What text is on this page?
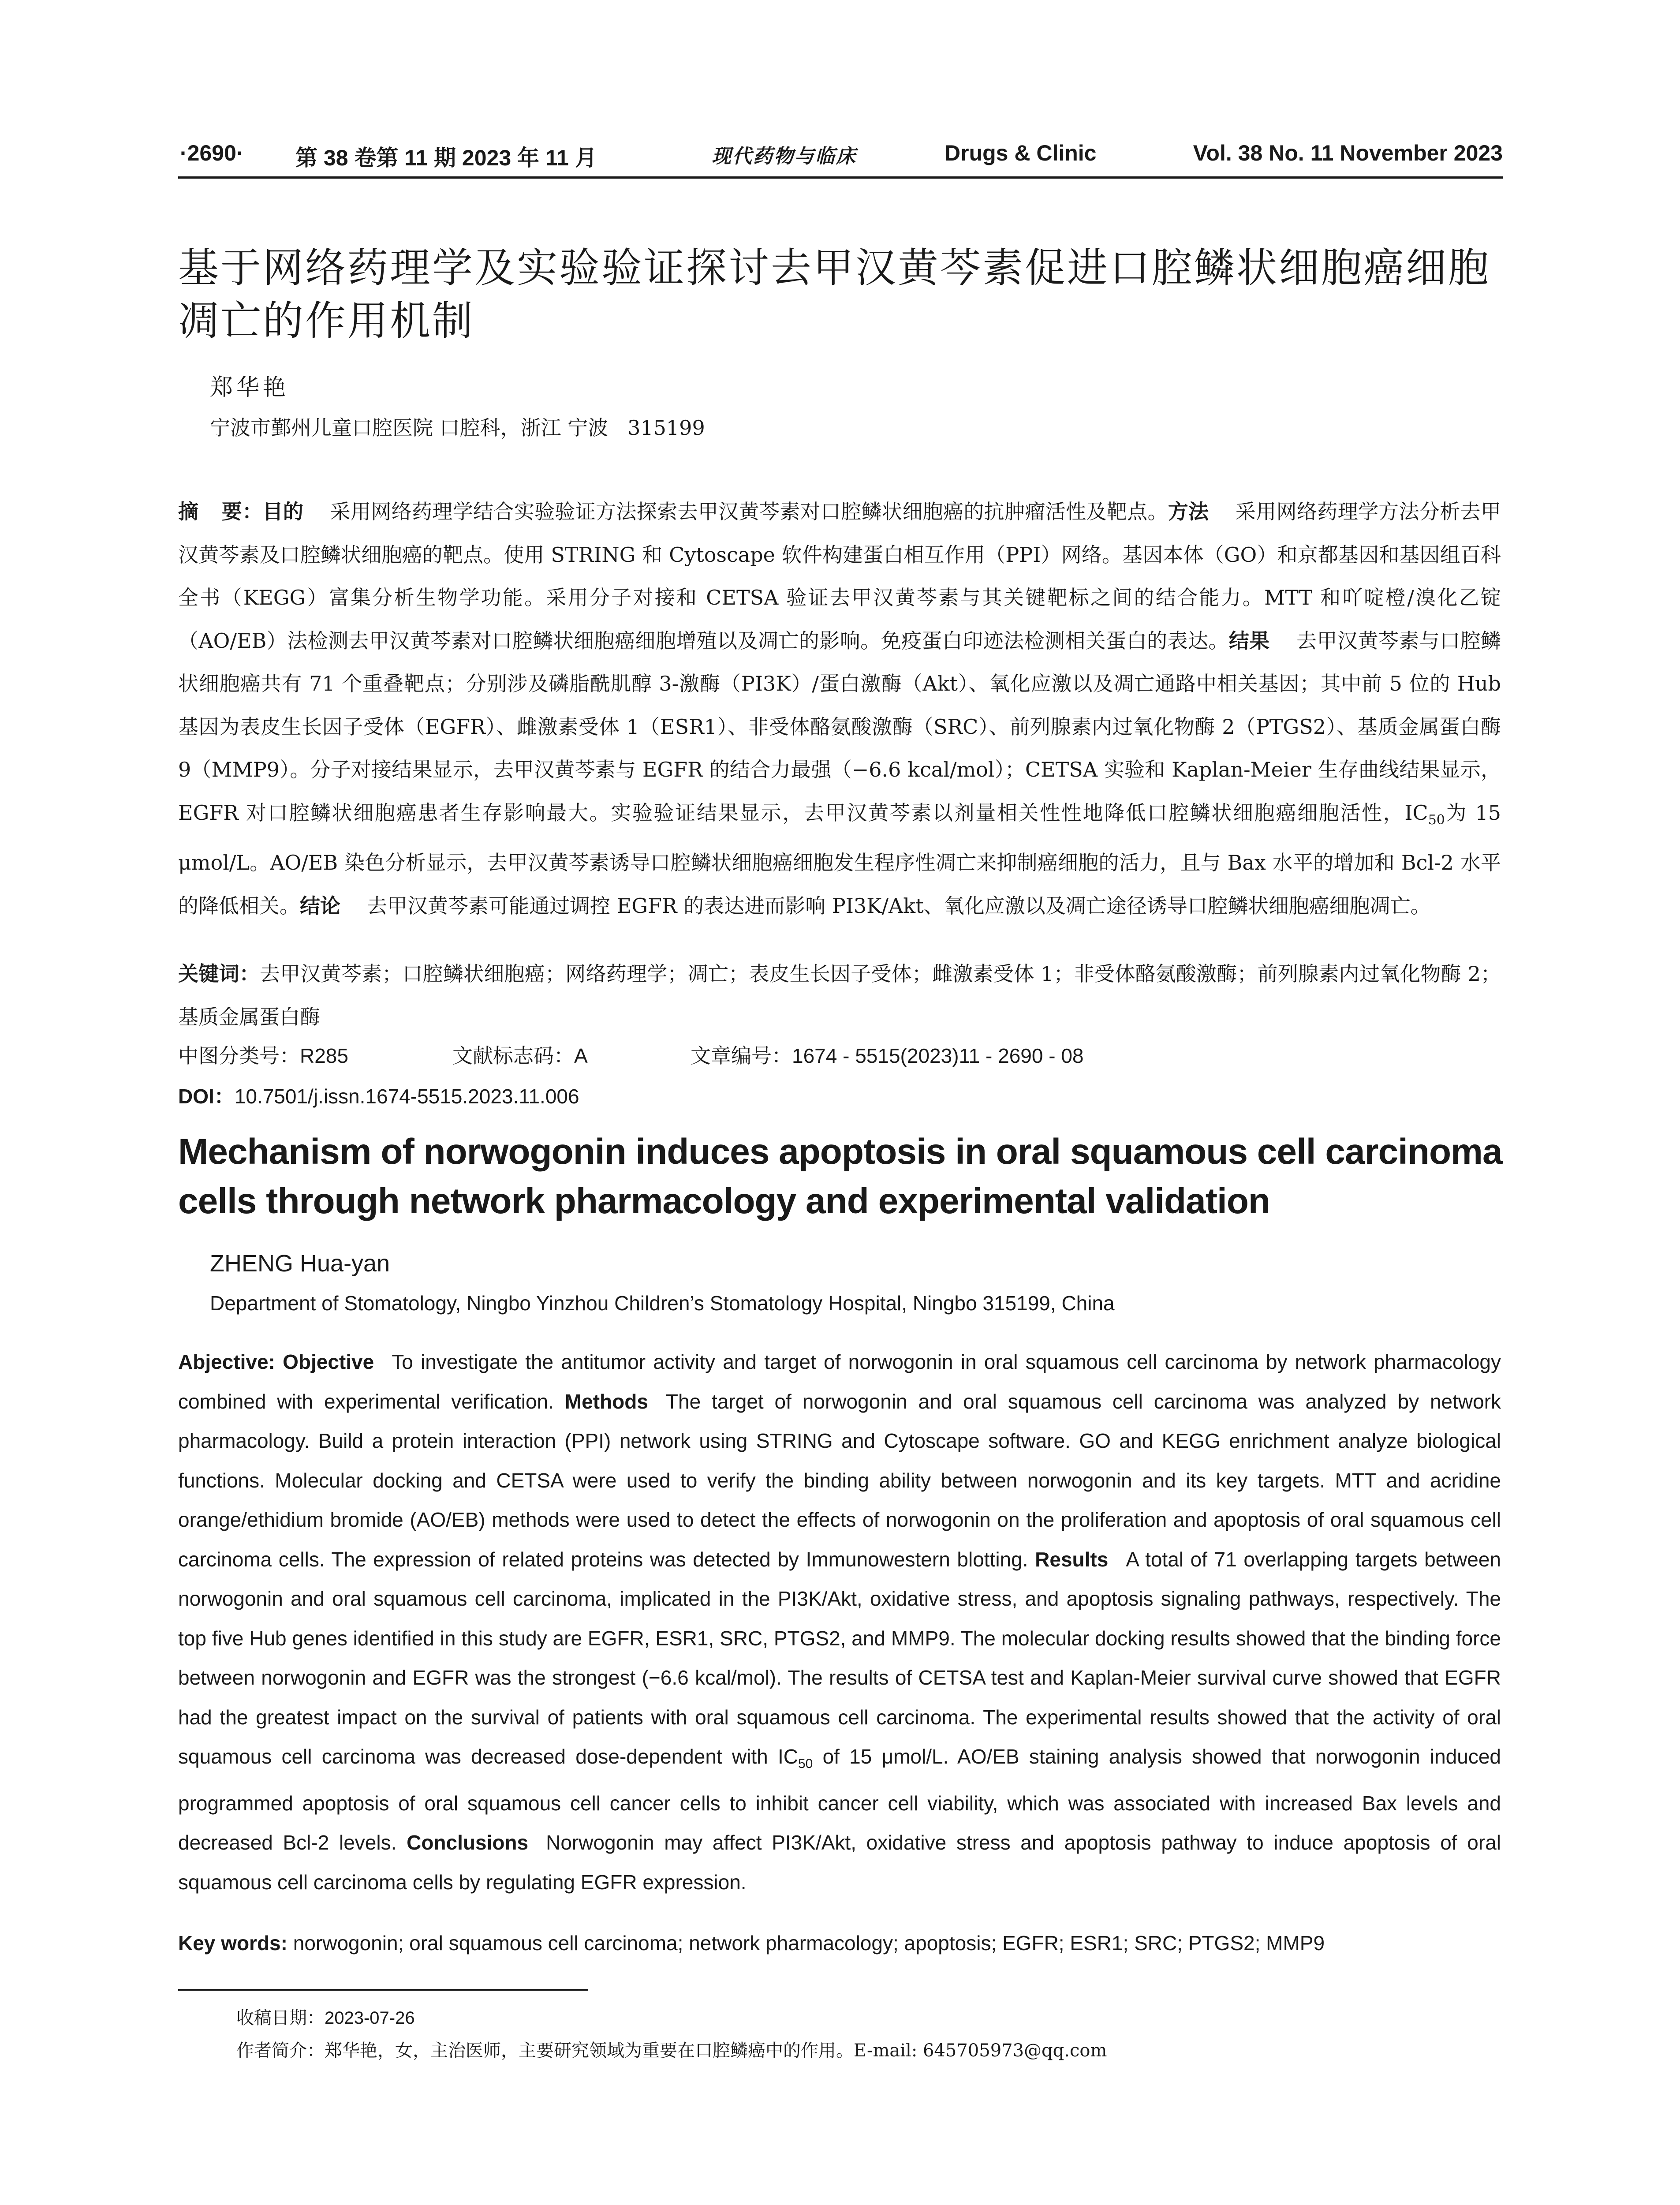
·2690· 第 38 卷第 11 期 2023 年 11 月	现代药物与临床	Drugs & Clinic	Vol. 38 No. 11 November 2023
基于网络药理学及实验验证探讨去甲汉黄芩素促进口腔鳞状细胞癌细胞凋亡的作用机制
郑华艳
宁波市鄞州儿童口腔医院 口腔科，浙江 宁波   315199
摘    要：目的 采用网络药理学结合实验验证方法探索去甲汉黄芩素对口腔鳞状细胞癌的抗肿瘤活性及靶点。方法 采用网络药理学方法分析去甲汉黄芩素及口腔鳞状细胞癌的靶点。使用 STRING 和 Cytoscape 软件构建蛋白相互作用（PPI）网络。基因本体（GO）和京都基因和基因组百科全书（KEGG）富集分析生物学功能。采用分子对接和 CETSA 验证去甲汉黄芩素与其关键靶标之间的结合能力。MTT 和吖啶橙/溴化乙锭（AO/EB）法检测去甲汉黄芩素对口腔鳞状细胞癌细胞增殖以及凋亡的影响。免疫蛋白印迹法检测相关蛋白的表达。结果 去甲汉黄芩素与口腔鳞状细胞癌共有 71 个重叠靶点；分别涉及磷脂酰肌醇 3-激酶（PI3K）/蛋白激酶（Akt）、氧化应激以及凋亡通路中相关基因；其中前 5 位的 Hub 基因为表皮生长因子受体（EGFR）、雌激素受体 1（ESR1）、非受体酪氨酸激酶（SRC）、前列腺素内过氧化物酶 2（PTGS2）、基质金属蛋白酶 9（MMP9）。分子对接结果显示，去甲汉黄芩素与 EGFR 的结合力最强（−6.6 kcal/mol）；CETSA 实验和 Kaplan-Meier 生存曲线结果显示，EGFR 对口腔鳞状细胞癌患者生存影响最大。实验验证结果显示，去甲汉黄芩素以剂量相关性性地降低口腔鳞状细胞癌细胞活性，$IC_{50}$为 15 μmol/L。AO/EB 染色分析显示，去甲汉黄芩素诱导口腔鳞状细胞癌细胞发生程序性凋亡来抑制癌细胞的活力，且与 Bax 水平的增加和 Bcl-2 水平的降低相关。结论 去甲汉黄芩素可能通过调控 EGFR 的表达进而影响 PI3K/Akt、氧化应激以及凋亡途径诱导口腔鳞状细胞癌细胞凋亡。
关键词：去甲汉黄芩素；口腔鳞状细胞癌；网络药理学；凋亡；表皮生长因子受体；雌激素受体 1；非受体酪氨酸激酶；前列腺素内过氧化物酶 2；基质金属蛋白酶
中图分类号：R285	文献标志码：A	文章编号：1674 - 5515(2023)11 - 2690 - 08
DOI：10.7501/j.issn.1674-5515.2023.11.006
Mechanism of norwogonin induces apoptosis in oral squamous cell carcinoma cells through network pharmacology and experimental validation
ZHENG Hua-yan
Department of Stomatology, Ningbo Yinzhou Children’s Stomatology Hospital, Ningbo 315199, China
Abjective: Objective To investigate the antitumor activity and target of norwogonin in oral squamous cell carcinoma by network pharmacology combined with experimental verification. Methods The target of norwogonin and oral squamous cell carcinoma was analyzed by network pharmacology. Build a protein interaction (PPI) network using STRING and Cytoscape software. GO and KEGG enrichment analyze biological functions. Molecular docking and CETSA were used to verify the binding ability between norwogonin and its key targets. MTT and acridine orange/ethidium bromide (AO/EB) methods were used to detect the effects of norwogonin on the proliferation and apoptosis of oral squamous cell carcinoma cells. The expression of related proteins was detected by Immunowestern blotting. Results A total of 71 overlapping targets between norwogonin and oral squamous cell carcinoma, implicated in the PI3K/Akt, oxidative stress, and apoptosis signaling pathways, respectively. The top five Hub genes identified in this study are EGFR, ESR1, SRC, PTGS2, and MMP9. The molecular docking results showed that the binding force between norwogonin and EGFR was the strongest (−6.6 kcal/mol). The results of CETSA test and Kaplan-Meier survival curve showed that EGFR had the greatest impact on the survival of patients with oral squamous cell carcinoma. The experimental results showed that the activity of oral squamous cell carcinoma was decreased dose-dependent with $IC_{50}$ of 15 μmol/L. AO/EB staining analysis showed that norwogonin induced programmed apoptosis of oral squamous cell cancer cells to inhibit cancer cell viability, which was associated with increased Bax levels and decreased Bcl-2 levels. Conclusions Norwogonin may affect PI3K/Akt, oxidative stress and apoptosis pathway to induce apoptosis of oral squamous cell carcinoma cells by regulating EGFR expression.
Key words: norwogonin; oral squamous cell carcinoma; network pharmacology; apoptosis; EGFR; ESR1; SRC; PTGS2; MMP9
收稿日期：2023-07-26
作者简介：郑华艳，女，主治医师，主要研究领域为重要在口腔鳞癌中的作用。E-mail: 645705973@qq.com
